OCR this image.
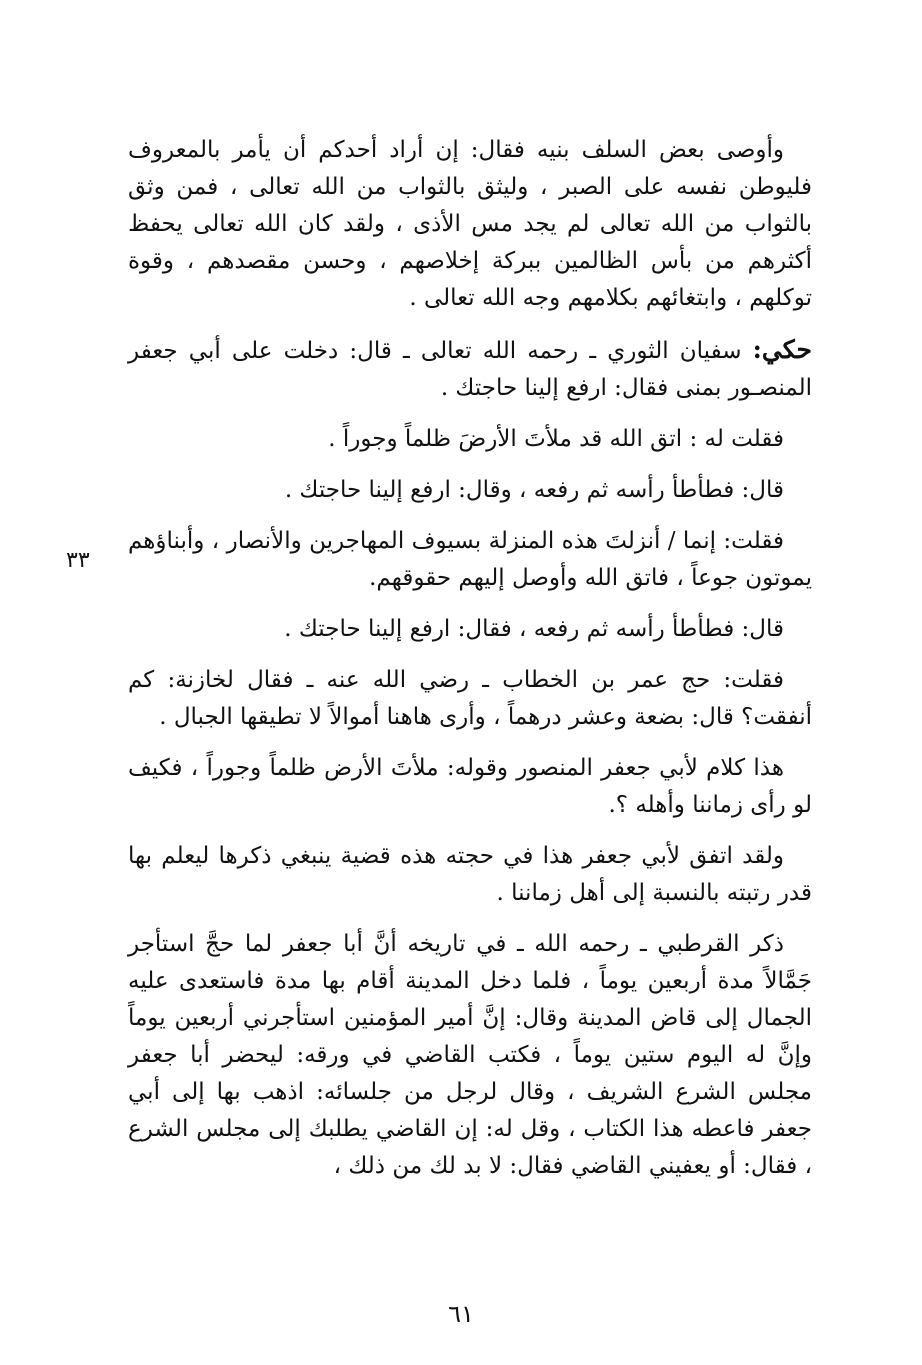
وأوصى بعض السلف بنيه فقال: إن أراد أحدكم أن يأمر بالمعروف فليوطن نفسه على الصبر ، وليثق بالثواب من الله تعالى ، فمن وثق بالثواب من الله تعالى لم يجد مس الأذى ، ولقد كان الله تعالى يحفظ أكثرهم من بأس الظالمين ببركة إخلاصهم ، وحسن مقصدهم ، وقوة توكلهم ، وابتغائهم بكلامهم وجه الله تعالى .

حكي: سفيان الثوري ـ رحمه الله تعالى ـ قال: دخلت على أبي جعفر المنصـور بمنى فقال: ارفع إلينا حاجتك .

فقلت له : اتق الله قد ملأتَ الأرضَ ظلماً وجوراً .

قال: فطأطأ رأسه ثم رفعه ، وقال: ارفع إلينا حاجتك .

فقلت: إنما / أنزلتَ هذه المنزلة بسيوف المهاجرين والأنصار ، وأبناؤهم يموتون جوعاً ، فاتق الله وأوصل إليهم حقوقهم.

قال: فطأطأ رأسه ثم رفعه ، فقال: ارفع إلينا حاجتك .

فقلت: حج عمر بن الخطاب ـ رضي الله عنه ـ فقال لخازنة: كم أنفقت؟ قال: بضعة وعشر درهماً ، وأرى هاهنا أموالاً لا تطيقها الجبال .

هذا كلام لأبي جعفر المنصور وقوله: ملأتَ الأرض ظلماً وجوراً ، فكيف لو رأى زماننا وأهله ؟.

ولقد اتفق لأبي جعفر هذا في حجته هذه قضية ينبغي ذكرها ليعلم بها قدر رتبته بالنسبة إلى أهل زماننا .

ذكر القرطبي ـ رحمه الله ـ في تاريخه أنَّ أبا جعفر لما حجَّ استأجر جَمَّالاً مدة أربعين يوماً ، فلما دخل المدينة أقام بها مدة فاستعدى عليه الجمال إلى قاض المدينة وقال: إنَّ أمير المؤمنين استأجرني أربعين يوماً وإنَّ له اليوم ستين يوماً ، فكتب القاضي في ورقه: ليحضر أبا جعفر مجلس الشرع الشريف ، وقال لرجل من جلسائه: اذهب بها إلى أبي جعفر فاعطه هذا الكتاب ، وقل له: إن القاضي يطلبك إلى مجلس الشرع ، فقال: أو يعفيني القاضي فقال: لا بد لك من ذلك ،

٣٣
٦١
